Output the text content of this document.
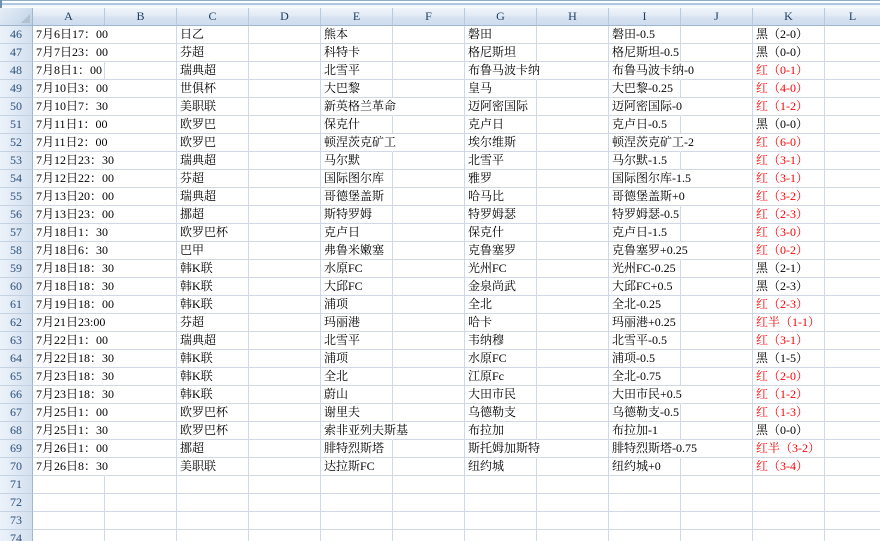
A	B	C	D	E	F	G	H	I	J	K	L
46	7月6日17：00	日乙	熊本	磐田	磐田-0.5	黑（2-0）
47	7月7日23：00	芬超	科特卡	格尼斯坦	格尼斯坦-0.5	黑（0-0）
48	7月8日1：00	瑞典超	北雪平	布鲁马波卡纳	布鲁马波卡纳-0	红（0-1）
49	7月10日3：00	世俱杯	大巴黎	皇马	大巴黎-0.25	红（4-0）
50	7月10日7：30	美职联	新英格兰革命	迈阿密国际	迈阿密国际-0	红（1-2）
51	7月11日1：00	欧罗巴	保克什	克卢日	克卢日-0.5	黑（0-0）
52	7月11日2：00	欧罗巴	顿涅茨克矿工	埃尔维斯	顿涅茨克矿工-2	红（6-0）
53	7月12日23：30	瑞典超	马尔默	北雪平	马尔默-1.5	红（3-1）
54	7月12日22：00	芬超	国际图尔库	雅罗	国际图尔库-1.5	红（3-1）
55	7月13日20：00	瑞典超	哥德堡盖斯	哈马比	哥德堡盖斯+0	红（3-2）
56	7月13日23：00	挪超	斯特罗姆	特罗姆瑟	特罗姆瑟-0.5	红（2-3）
57	7月18日1：30	欧罗巴杯	克卢日	保克什	克卢日-1.5	红（3-0）
58	7月18日6：30	巴甲	弗鲁米嫩塞	克鲁塞罗	克鲁塞罗+0.25	红（0-2）
59	7月18日18：30	韩K联	水原FC	光州FC	光州FC-0.25	黑（2-1）
60	7月18日18：30	韩K联	大邱FC	金泉尚武	大邱FC+0.5	黑（2-3）
61	7月19日18：00	韩K联	浦项	全北	全北-0.25	红（2-3）
62	7月21日23:00	芬超	玛丽港	哈卡	玛丽港+0.25	红半（1-1）
63	7月22日1：00	瑞典超	北雪平	韦纳穆	北雪平-0.5	红（3-1）
64	7月22日18：30	韩K联	浦项	水原FC	浦项-0.5	黑（1-5）
65	7月23日18：30	韩K联	全北	江原Fc	全北-0.75	红（2-0）
66	7月23日18：30	韩K联	蔚山	大田市民	大田市民+0.5	红（1-2）
67	7月25日1：00	欧罗巴杯	谢里夫	乌德勒支	乌德勒支-0.5	红（1-3）
68	7月25日1：30	欧罗巴杯	索非亚列夫斯基	布拉加	布拉加-1	黑（0-0）
69	7月26日1：00	挪超	腓特烈斯塔	斯托姆加斯特	腓特烈斯塔-0.75	红半（3-2）
70	7月26日8：30	美职联	达拉斯FC	纽约城	纽约城+0	红（3-4）
71
72
73
74
